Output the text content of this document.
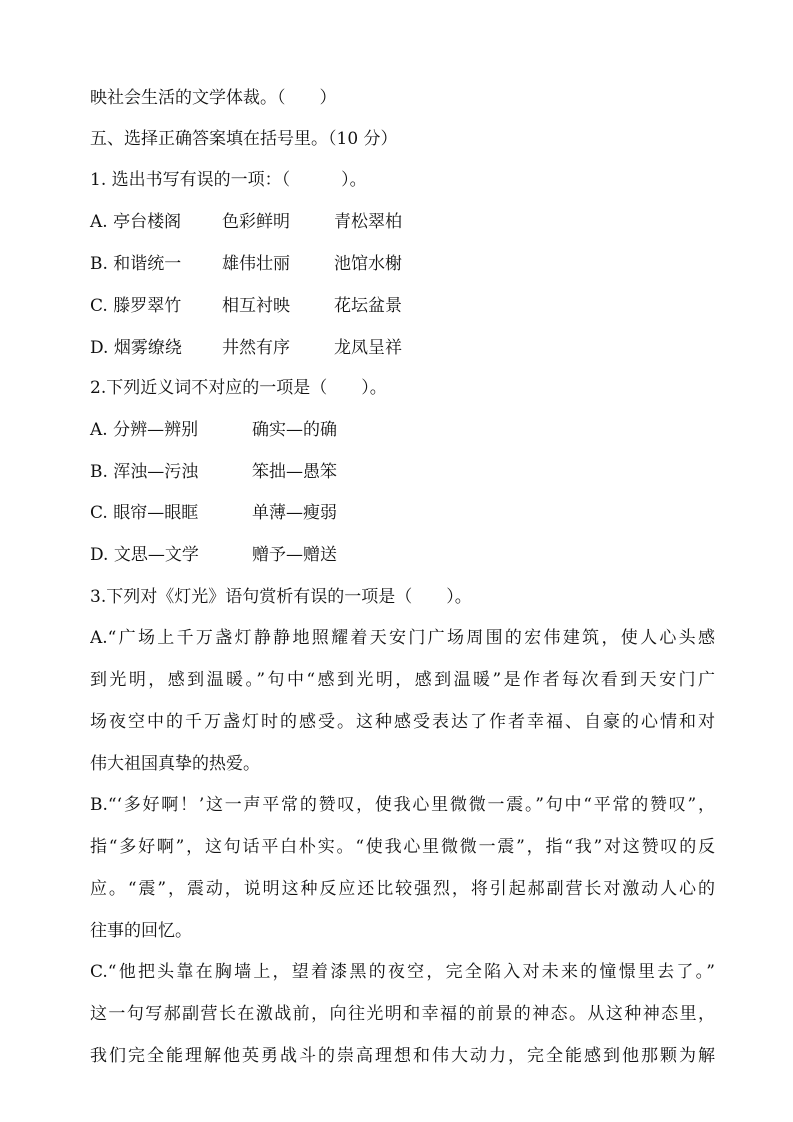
映社会生活的文学体裁。（　　）
五、选择正确答案填在括号里。（10 分）
1. 选出书写有误的一项：（　　　）。
A. 亭台楼阁 色彩鲜明	青松翠柏
B. 和谐统一 雄伟壮丽	池馆水榭
C. 滕罗翠竹 相互衬映	花坛盆景
D. 烟雾缭绕 井然有序	龙凤呈祥
2.下列近义词不对应的一项是（　　）。
A. 分辨—辨别	确实—的确
B. 浑浊—污浊	笨拙—愚笨
C. 眼帘—眼眶	单薄—瘦弱
D. 文思—文学	赠予—赠送
3.下列对《灯光》语句赏析有误的一项是（　　）。
A.“广场上千万盏灯静静地照耀着天安门广场周围的宏伟建筑，使人心头感
到光明，感到温暖。”句中“感到光明，感到温暖”是作者每次看到天安门广
场夜空中的千万盏灯时的感受。这种感受表达了作者幸福、自豪的心情和对
伟大祖国真挚的热爱。
B.“‘多好啊！’这一声平常的赞叹，使我心里微微一震。”句中“平常的赞叹”，
指“多好啊”，这句话平白朴实。“使我心里微微一震”，指“我”对这赞叹的反
应。“震”，震动，说明这种反应还比较强烈，将引起郝副营长对激动人心的
往事的回忆。
C.“他把头靠在胸墙上，望着漆黑的夜空，完全陷入对未来的憧憬里去了。”
这一句写郝副营长在激战前，向往光明和幸福的前景的神态。从这种神态里，
我们完全能理解他英勇战斗的崇高理想和伟大动力，完全能感到他那颗为解
